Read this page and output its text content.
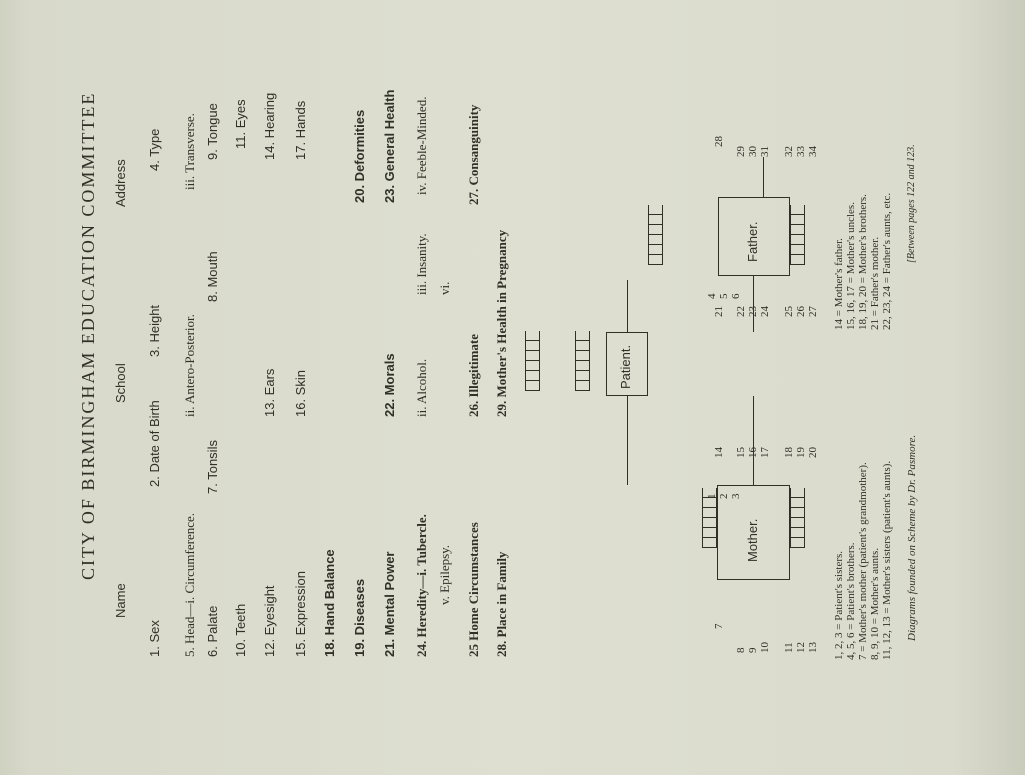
CITY OF BIRMINGHAM EDUCATION COMMITTEE
Name
School
Address
1. Sex
2. Date of Birth
3. Height
4. Type
5. Head—i. Circumference.
ii. Antero-Posterior.
iii. Transverse.
6. Palate
7. Tonsils
8. Mouth
9. Tongue
10. Teeth
11. Eyes
12. Eyesight
13. Ears
14. Hearing
15. Expression
16. Skin
17. Hands
18. Hand Balance 19. Diseases
20. Deformities
21. Mental Power
22. Morals
23. General Health
24. Heredity—i. Tubercle.
ii. Alcohol.
iii. Insanity.
iv. Feeble-Minded.
v. Epilepsy.
vi.
25 Home Circumstances
26. Illegitimate
27. Consanguinity
28. Place in Family
29. Mother's Health in Pregnancy
Mother.
Patient.
Father.
1 2 3
4 5 6
7
8 9 10 11 12 13
14 15 16 17 18 19 20
21 22 23 24 25 26 27
28
29 30 31 32 33 34
1, 2, 3 = Patient's sisters. 4, 5, 6 = Patient's brothers. 7 = Mother's mother (patient's grandmother). 8, 9, 10 = Mother's aunts. 11, 12, 13 = Mother's sisters (patient's aunts).
14 = Mother's father. 15, 16, 17 = Mother's uncles. 18, 19, 20 = Mother's brothers. 21 = Father's mother. 22, 23, 24 = Father's aunts, etc.
Diagrams founded on Scheme by Dr. Pasmore.
[Between pages 122 and 123.
